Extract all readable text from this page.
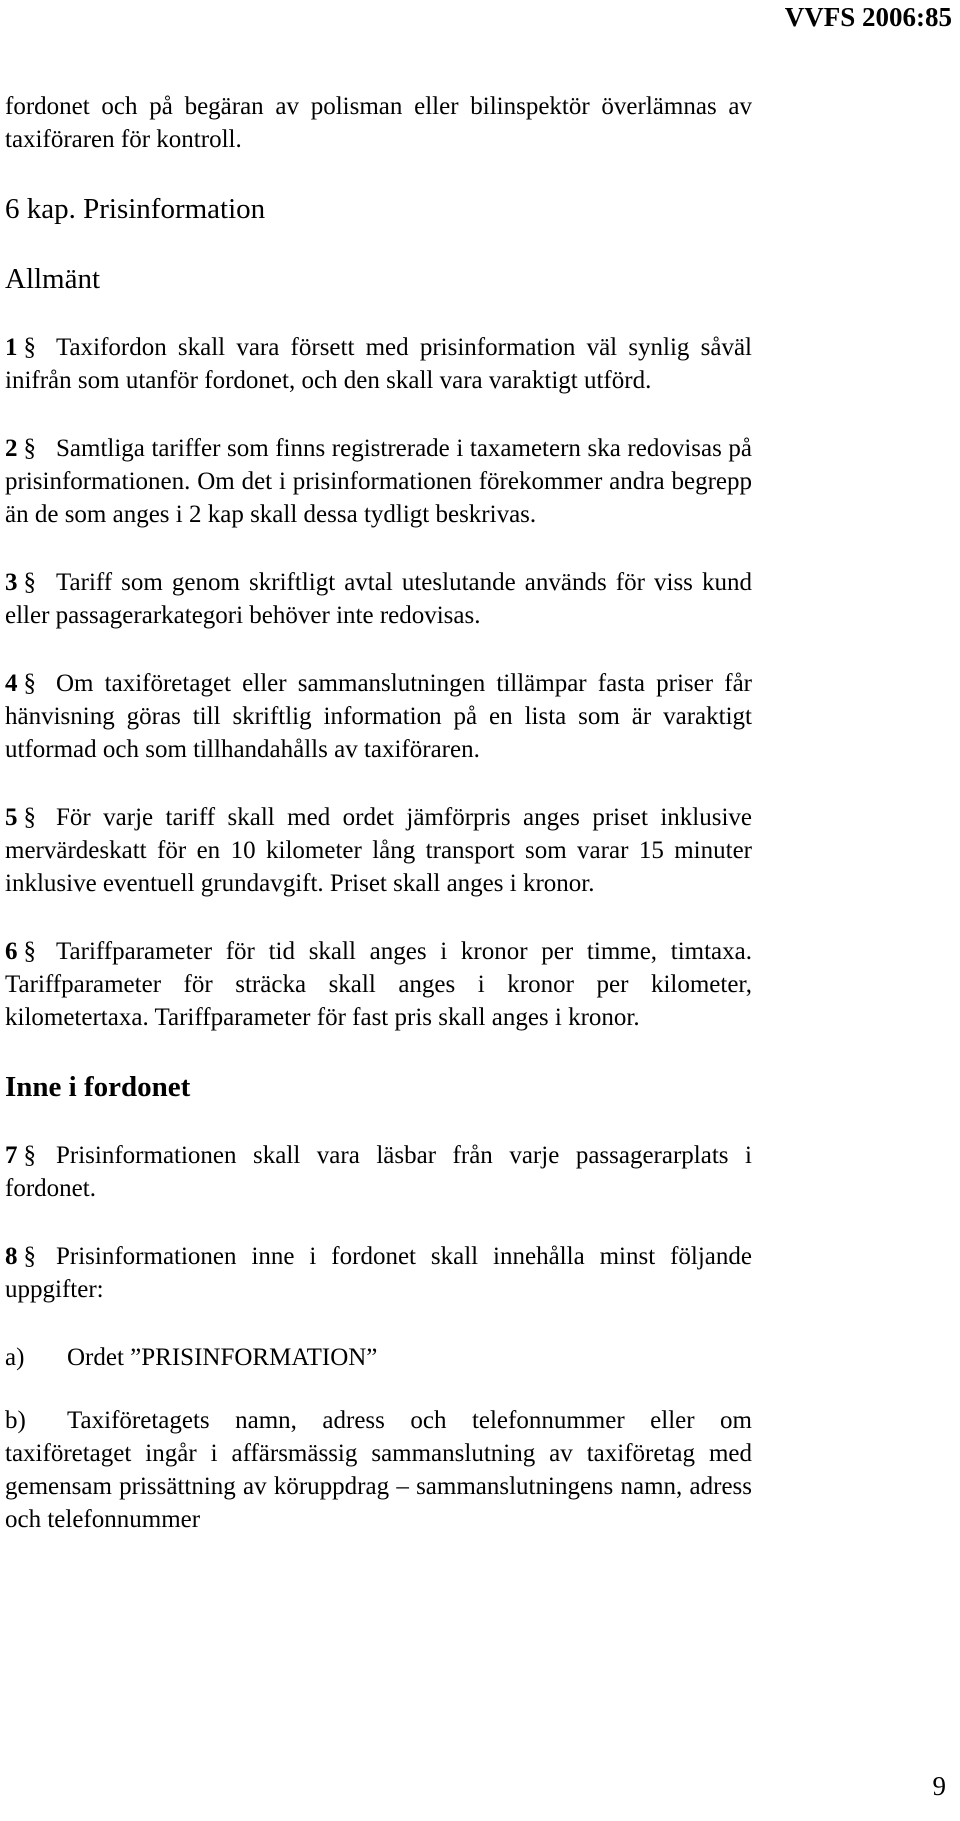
VVFS 2006:85

fordonet och på begäran av polisman eller bilinspektör överlämnas av taxiföraren för kontroll.

6 kap. Prisinformation
Allmänt

1 § Taxifordon skall vara försett med prisinformation väl synlig såväl inifrån som utanför fordonet, och den skall vara varaktigt utförd.

2 § Samtliga tariffer som finns registrerade i taxametern ska redovisas på prisinformationen. Om det i prisinformationen förekommer andra begrepp än de som anges i 2 kap skall dessa tydligt beskrivas.

3 § Tariff som genom skriftligt avtal uteslutande används för viss kund eller passagerarkategori behöver inte redovisas.

4 § Om taxiföretaget eller sammanslutningen tillämpar fasta priser får hänvisning göras till skriftlig information på en lista som är varaktigt utformad och som tillhandahålls av taxiföraren.

5 § För varje tariff skall med ordet jämförpris anges priset inklusive mervärdeskatt för en 10 kilometer lång transport som varar 15 minuter inklusive eventuell grundavgift. Priset skall anges i kronor.

6 § Tariffparameter för tid skall anges i kronor per timme, timtaxa. Tariffparameter för sträcka skall anges i kronor per kilometer, kilometertaxa. Tariffparameter för fast pris skall anges i kronor.

Inne i fordonet

7 § Prisinformationen skall vara läsbar från varje passagerarplats i fordonet.

8 § Prisinformationen inne i fordonet skall innehålla minst följande uppgifter:

a) Ordet ”PRISINFORMATION”

b) Taxiföretagets namn, adress och telefonnummer eller om taxiföretaget ingår i affärsmässig sammanslutning av taxiföretag med gemensam prissättning av köruppdrag – sammanslutningens namn, adress och telefonnummer

9
